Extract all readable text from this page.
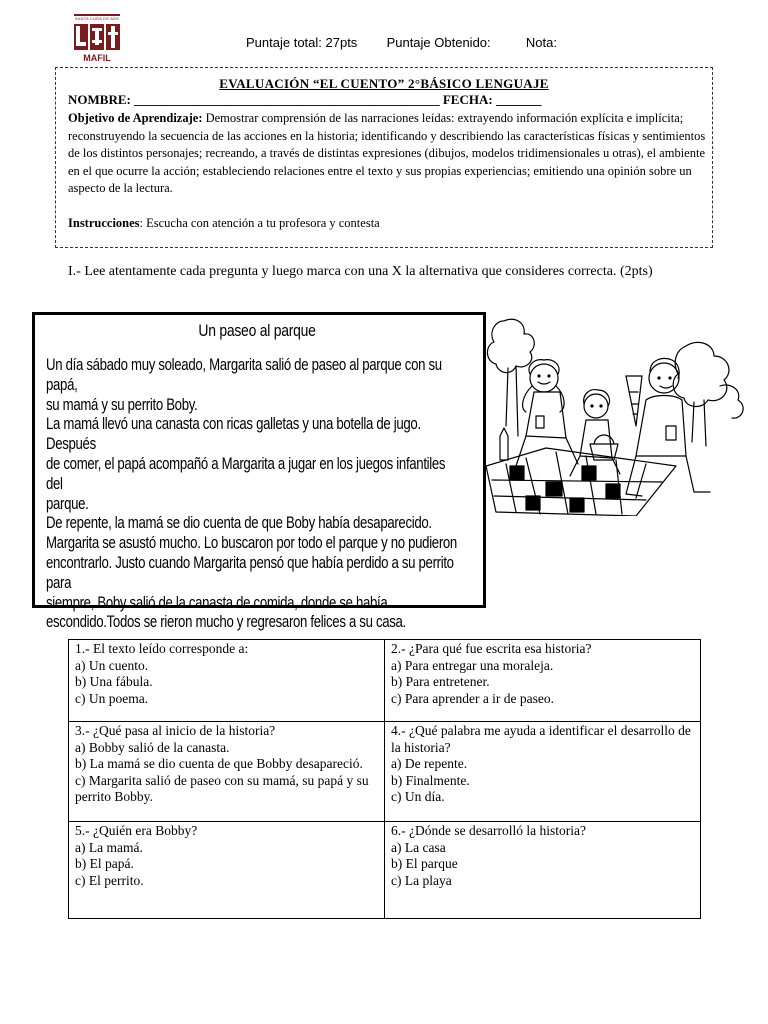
SANTA CURA DE ARS
MAFIL
Puntaje total: 27pts Puntaje Obtenido:	Nota:
EVALUACIÓN “EL CUENTO” 2°BÁSICO LENGUAJE
NOMBRE: _______________________________________________ FECHA: _______
Objetivo de Aprendizaje: Demostrar comprensión de las narraciones leídas: extrayendo información explícita e implícita; reconstruyendo la secuencia de las acciones en la historia; identificando y describiendo las características físicas y sentimientos de los distintos personajes; recreando, a través de distintas expresiones (dibujos, modelos tridimensionales u otras), el ambiente en el que ocurre la acción; estableciendo relaciones entre el texto y sus propias experiencias; emitiendo una opinión sobre un aspecto de la lectura.
Instrucciones: Escucha con atención a tu profesora y contesta
I.- Lee atentamente cada pregunta y luego marca con una X la alternativa que consideres correcta. (2pts)
Un paseo al parque
Un día sábado muy soleado, Margarita salió de paseo al parque con su papá,
su mamá y su perrito Boby.
La mamá llevó una canasta con ricas galletas y una botella de jugo. Después
de comer, el papá acompañó a Margarita a jugar en los juegos infantiles del
parque.
De repente, la mamá se dio cuenta de que Boby había desaparecido.
Margarita se asustó mucho. Lo buscaron por todo el parque y no pudieron
encontrarlo. Justo cuando Margarita pensó que había perdido a su perrito para
siempre, Boby salió de la canasta de comida, donde se había
escondido.Todos se rieron mucho y regresaron felices a su casa.
1.- El texto leído corresponde a:
a) Un cuento.
b) Una fábula.
c) Un poema.	2.- ¿Para qué fue escrita esa historia?
a) Para entregar una moraleja.
b) Para entretener.
c) Para aprender a ir de paseo.

3.- ¿Qué pasa al inicio de la historia?
a) Bobby salió de la canasta.
b) La mamá se dio cuenta de que Bobby desapareció.
c) Margarita salió de paseo con su mamá, su papá y su perrito Bobby.	4.- ¿Qué palabra me ayuda a identificar el desarrollo de la historia?
a) De repente.
b) Finalmente.
c) Un día.

5.- ¿Quién era Bobby?
a) La mamá.
b) El papá.
c) El perrito.	6.- ¿Dónde se desarrolló la historia?
a) La casa
b) El parque
c) La playa
